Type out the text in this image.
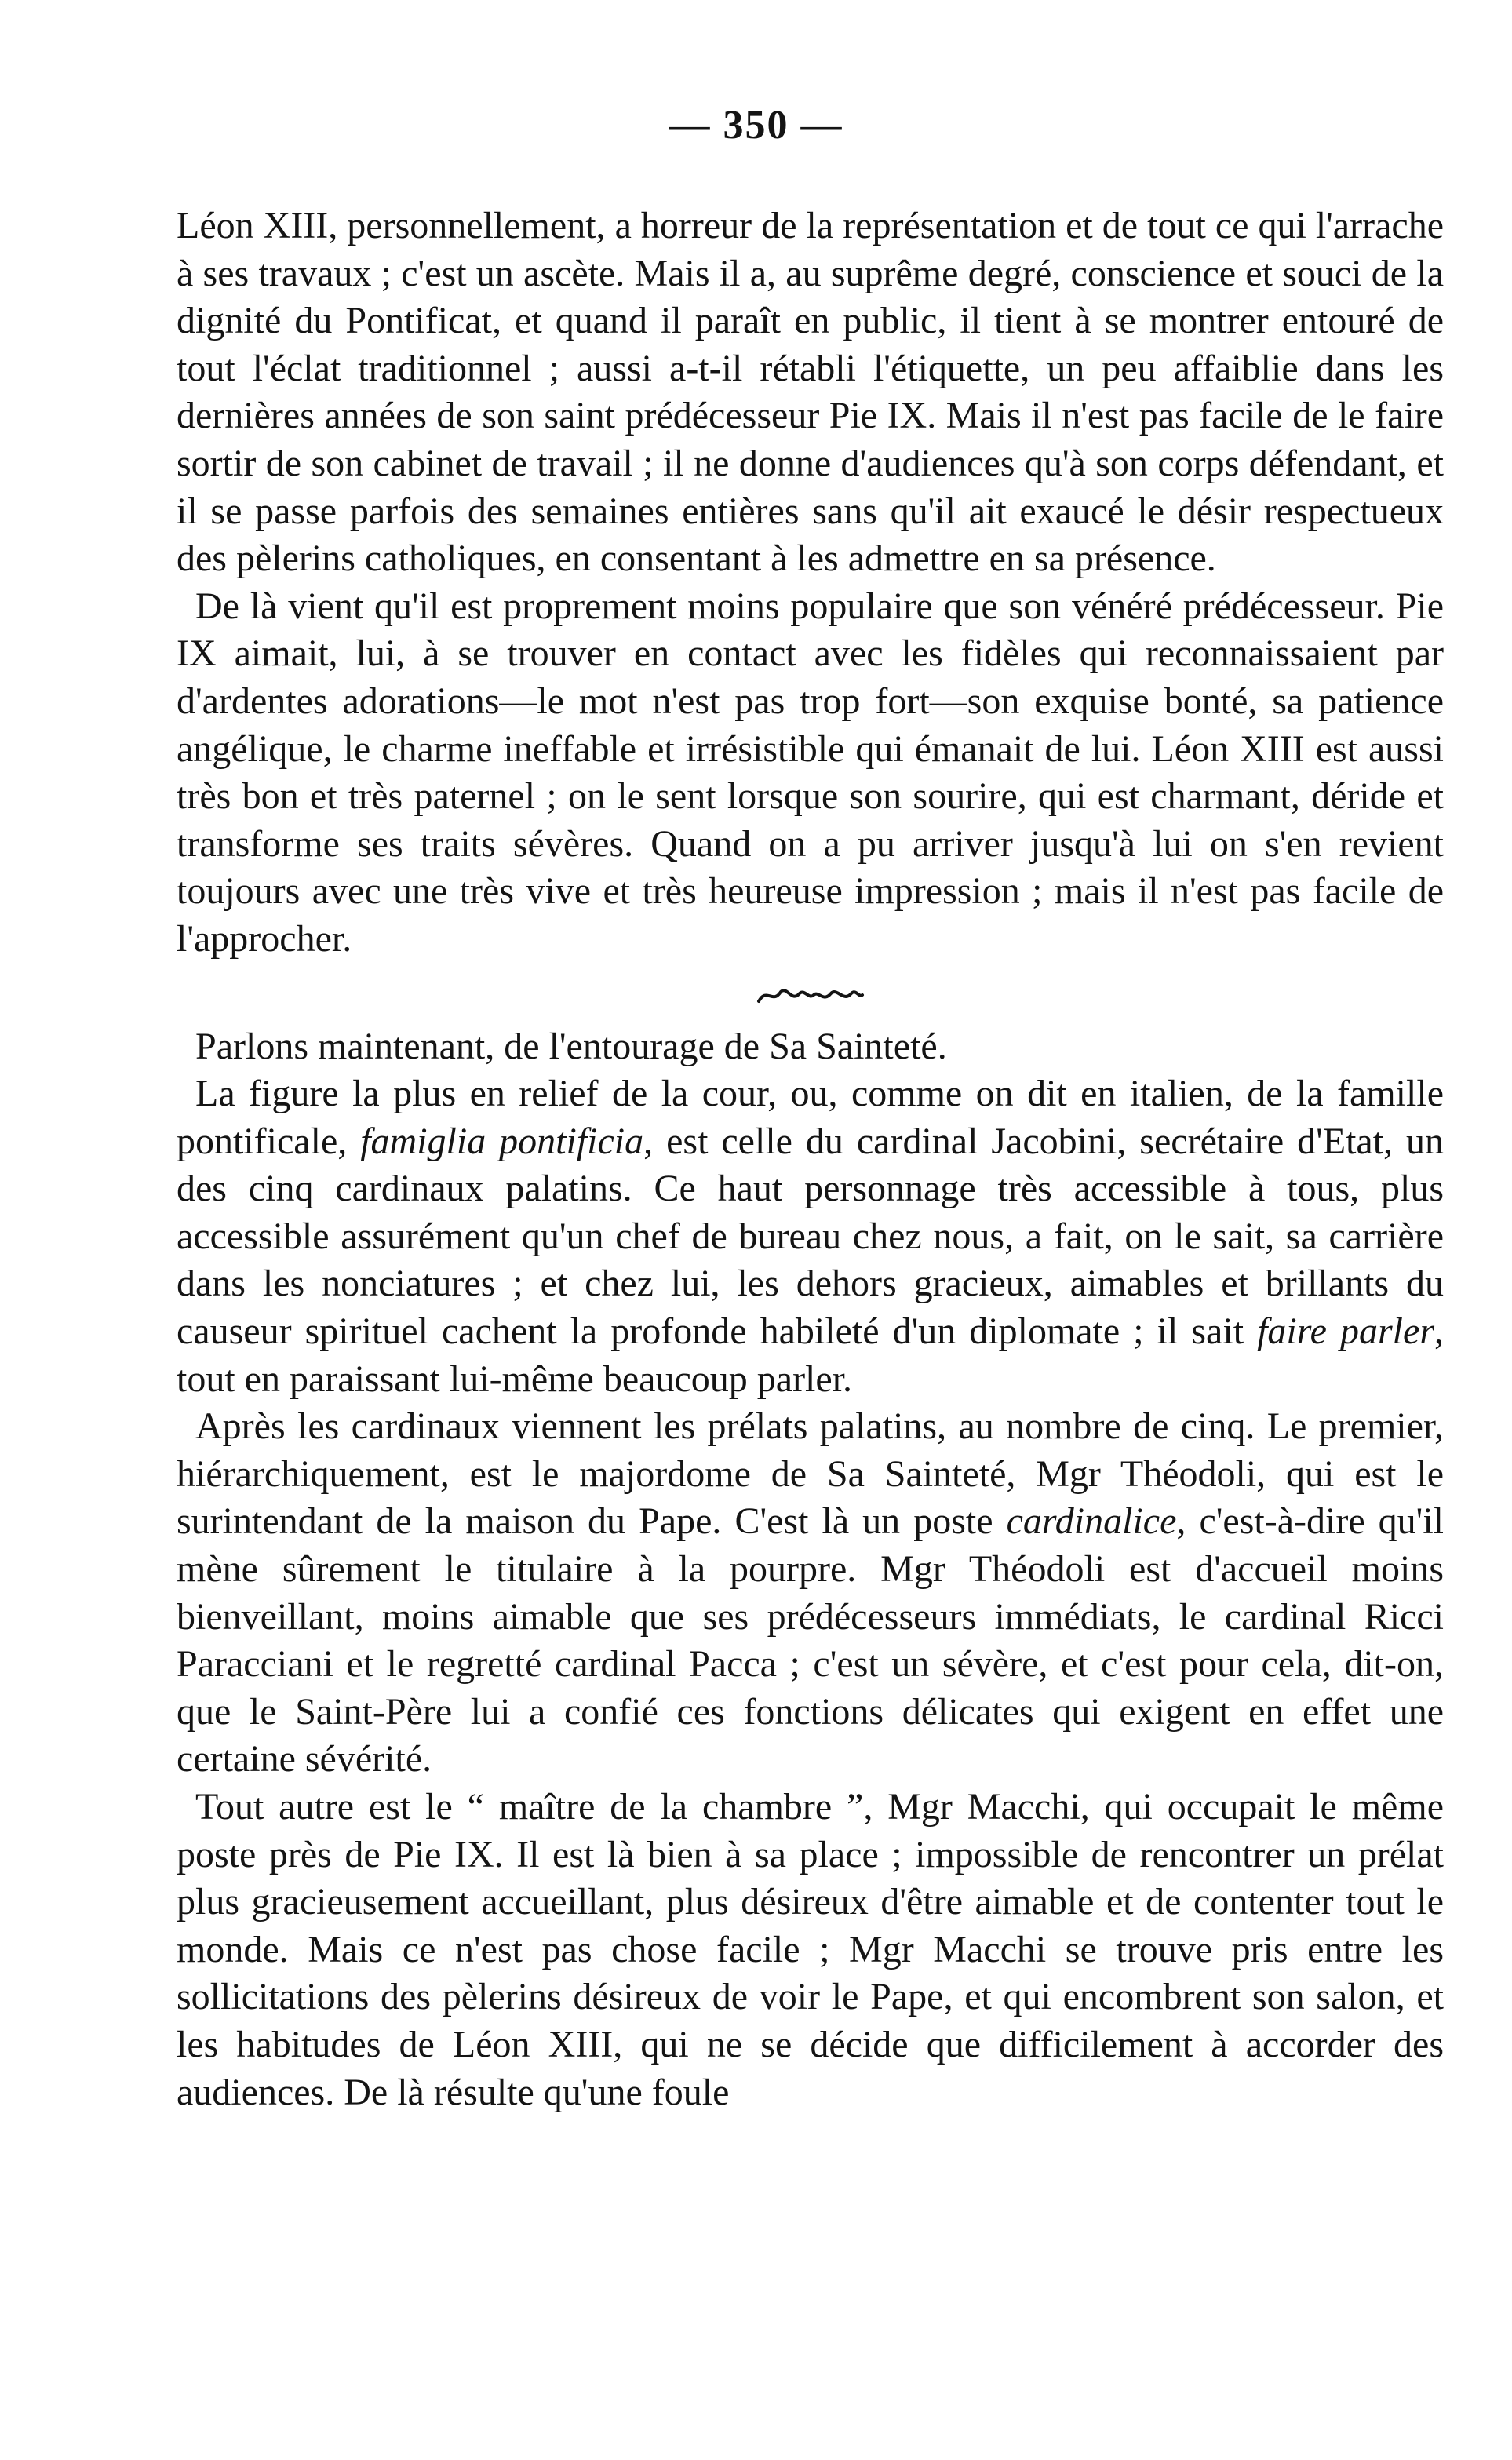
— 350 —

Léon XIII, personnellement, a horreur de la représentation et de tout ce qui l'arrache à ses travaux ; c'est un ascète. Mais il a, au suprême degré, conscience et souci de la dignité du Pontificat, et quand il paraît en public, il tient à se montrer entouré de tout l'éclat traditionnel ; aussi a-t-il rétabli l'étiquette, un peu affaiblie dans les dernières années de son saint prédécesseur Pie IX. Mais il n'est pas facile de le faire sortir de son cabinet de travail ; il ne donne d'audiences qu'à son corps défendant, et il se passe parfois des semaines entières sans qu'il ait exaucé le désir respectueux des pèlerins catholiques, en consentant à les admettre en sa présence.

De là vient qu'il est proprement moins populaire que son vénéré prédécesseur. Pie IX aimait, lui, à se trouver en contact avec les fidèles qui reconnaissaient par d'ardentes adorations—le mot n'est pas trop fort—son exquise bonté, sa patience angélique, le charme ineffable et irrésistible qui émanait de lui. Léon XIII est aussi très bon et très paternel ; on le sent lorsque son sourire, qui est charmant, déride et transforme ses traits sévères. Quand on a pu arriver jusqu'à lui on s'en revient toujours avec une très vive et très heureuse impression ; mais il n'est pas facile de l'approcher.

Parlons maintenant, de l'entourage de Sa Sainteté.

La figure la plus en relief de la cour, ou, comme on dit en italien, de la famille pontificale, famiglia pontificia, est celle du cardinal Jacobini, secrétaire d'Etat, un des cinq cardinaux palatins. Ce haut personnage très accessible à tous, plus accessible assurément qu'un chef de bureau chez nous, a fait, on le sait, sa carrière dans les nonciatures ; et chez lui, les dehors gracieux, aimables et brillants du causeur spirituel cachent la profonde habileté d'un diplomate ; il sait faire parler, tout en paraissant lui-même beaucoup parler.

Après les cardinaux viennent les prélats palatins, au nombre de cinq. Le premier, hiérarchiquement, est le majordome de Sa Sainteté, Mgr Théodoli, qui est le surintendant de la maison du Pape. C'est là un poste cardinalice, c'est-à-dire qu'il mène sûrement le titulaire à la pourpre. Mgr Théodoli est d'accueil moins bienveillant, moins aimable que ses prédécesseurs immédiats, le cardinal Ricci Paracciani et le regretté cardinal Pacca ; c'est un sévère, et c'est pour cela, dit-on, que le Saint-Père lui a confié ces fonctions délicates qui exigent en effet une certaine sévérité.

Tout autre est le “ maître de la chambre ”, Mgr Macchi, qui occupait le même poste près de Pie IX. Il est là bien à sa place ; impossible de rencontrer un prélat plus gracieusement accueillant, plus désireux d'être aimable et de contenter tout le monde. Mais ce n'est pas chose facile ; Mgr Macchi se trouve pris entre les sollicitations des pèlerins désireux de voir le Pape, et qui encombrent son salon, et les habitudes de Léon XIII, qui ne se décide que difficilement à accorder des audiences. De là résulte qu'une foule
